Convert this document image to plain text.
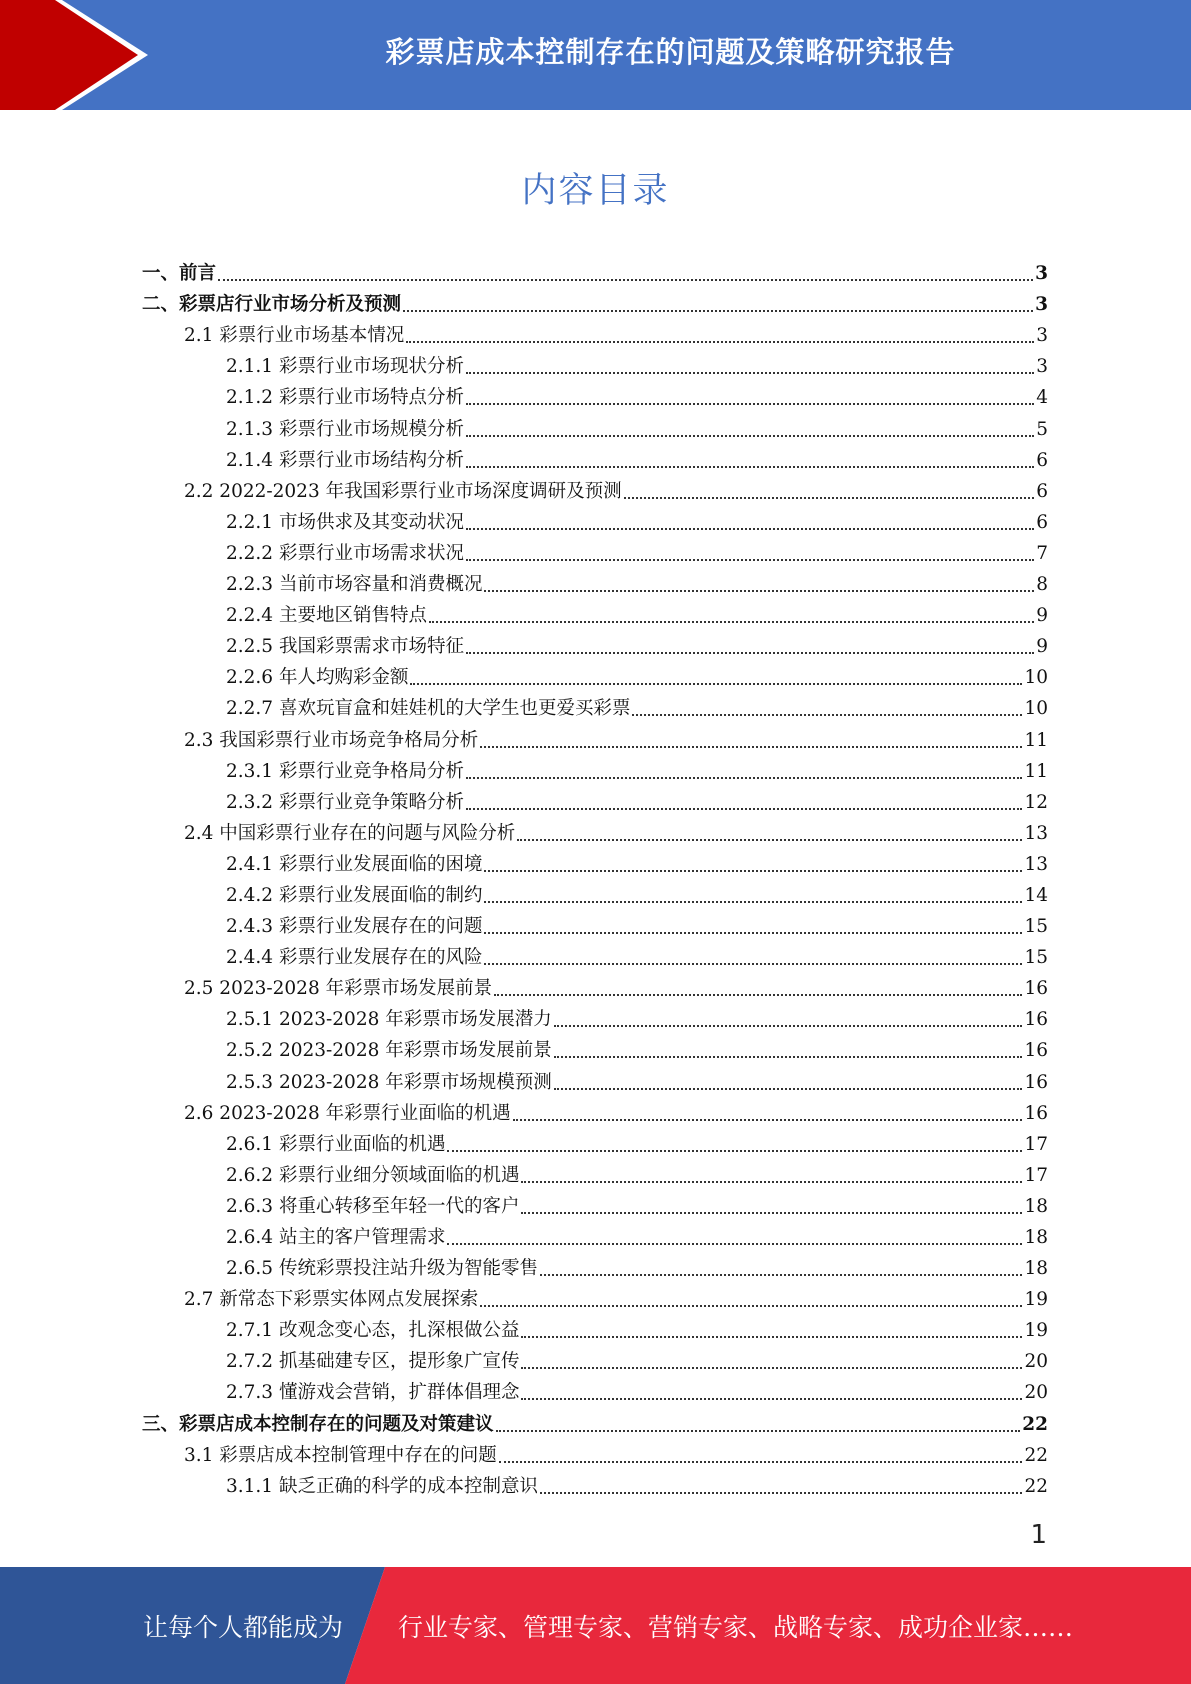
彩票店成本控制存在的问题及策略研究报告
内容目录
一、前言	3
二、彩票店行业市场分析及预测	3
2.1 彩票行业市场基本情况	3
2.1.1 彩票行业市场现状分析	3
2.1.2 彩票行业市场特点分析	4
2.1.3 彩票行业市场规模分析	5
2.1.4 彩票行业市场结构分析	6
2.2 2022-2023 年我国彩票行业市场深度调研及预测	6
2.2.1 市场供求及其变动状况	6
2.2.2 彩票行业市场需求状况	7
2.2.3 当前市场容量和消费概况	8
2.2.4 主要地区销售特点	9
2.2.5 我国彩票需求市场特征	9
2.2.6 年人均购彩金额	10
2.2.7 喜欢玩盲盒和娃娃机的大学生也更爱买彩票	10
2.3 我国彩票行业市场竞争格局分析	11
2.3.1 彩票行业竞争格局分析	11
2.3.2 彩票行业竞争策略分析	12
2.4 中国彩票行业存在的问题与风险分析	13
2.4.1 彩票行业发展面临的困境	13
2.4.2 彩票行业发展面临的制约	14
2.4.3 彩票行业发展存在的问题	15
2.4.4 彩票行业发展存在的风险	15
2.5 2023-2028 年彩票市场发展前景	16
2.5.1 2023-2028 年彩票市场发展潜力	16
2.5.2 2023-2028 年彩票市场发展前景	16
2.5.3 2023-2028 年彩票市场规模预测	16
2.6 2023-2028 年彩票行业面临的机遇	16
2.6.1 彩票行业面临的机遇	17
2.6.2 彩票行业细分领域面临的机遇	17
2.6.3 将重心转移至年轻一代的客户	18
2.6.4 站主的客户管理需求	18
2.6.5 传统彩票投注站升级为智能零售	18
2.7 新常态下彩票实体网点发展探索	19
2.7.1 改观念变心态，扎深根做公益	19
2.7.2 抓基础建专区，提形象广宣传	20
2.7.3 懂游戏会营销，扩群体倡理念	20
三、彩票店成本控制存在的问题及对策建议	22
3.1 彩票店成本控制管理中存在的问题	22
3.1.1 缺乏正确的科学的成本控制意识	22
1
让每个人都能成为 行业专家、管理专家、营销专家、战略专家、成功企业家……
